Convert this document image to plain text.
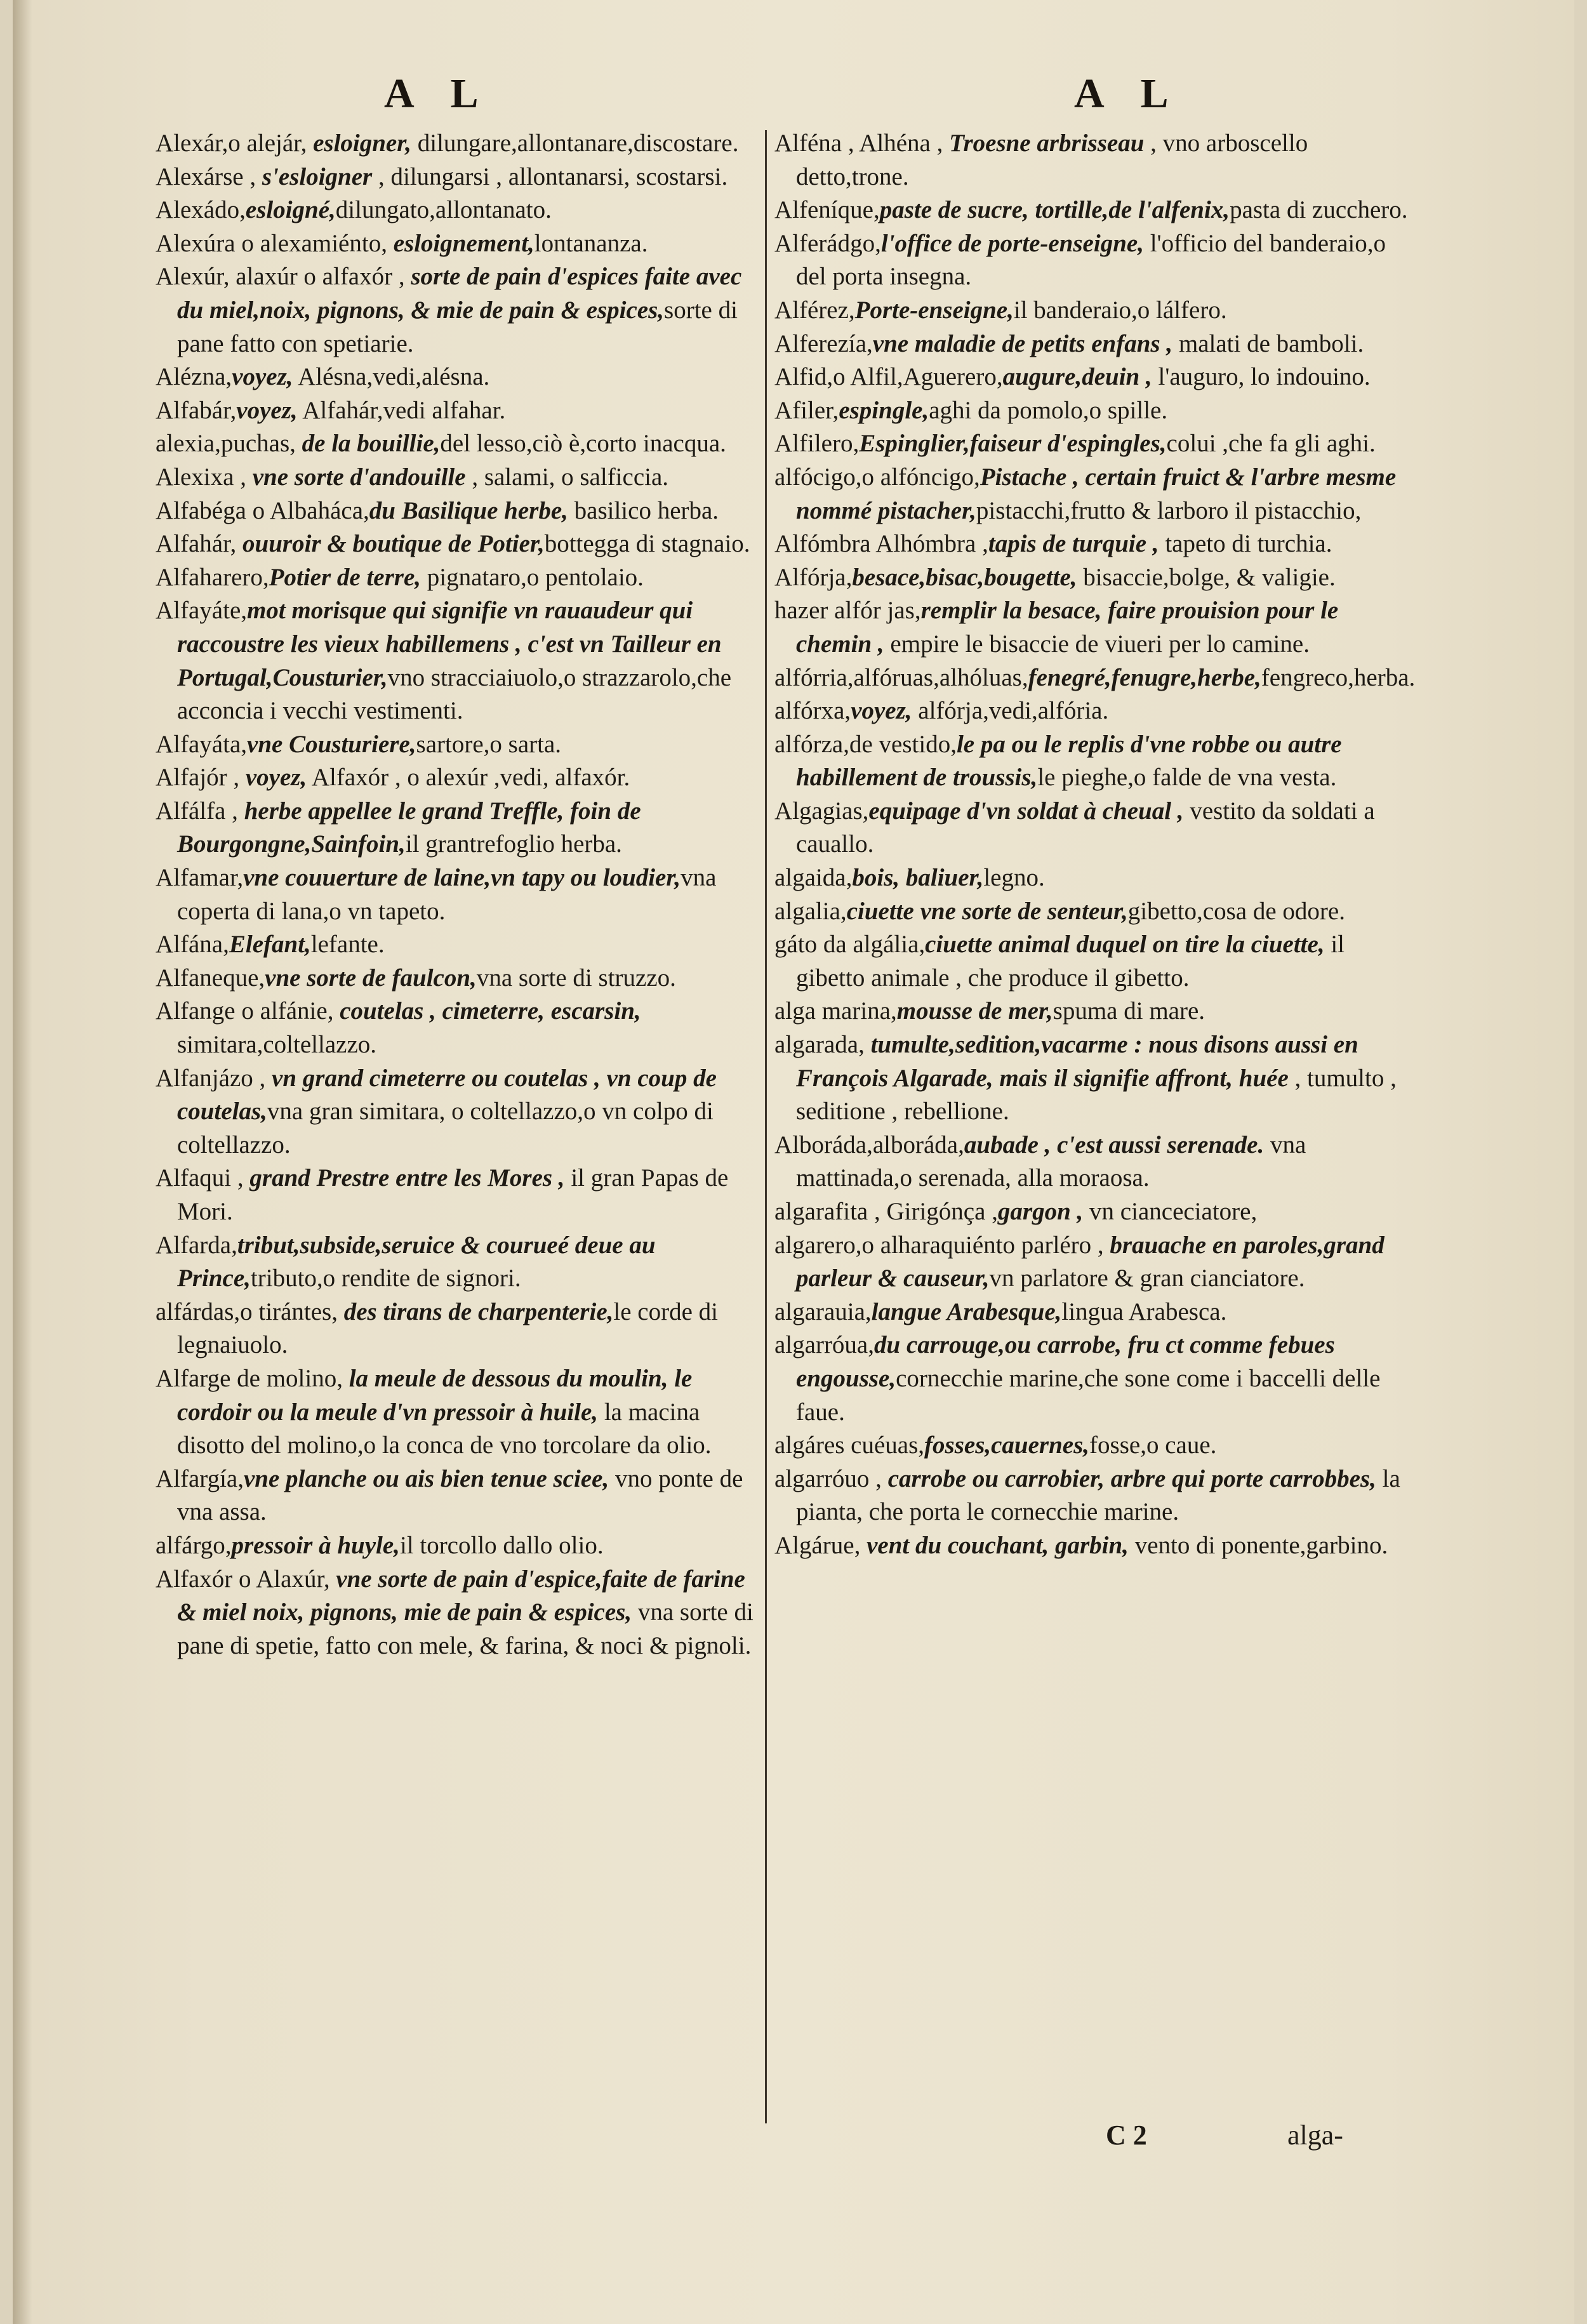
A L	A L

Alexár,o alejár, esloigner, dilungare,allontanare,discostare.

Alexárse , s'esloigner , dilungarsi , allontanarsi, scostarsi.

Alexádo,esloigné,dilungato,allontanato.

Alexúra o alexamiénto, esloignement,lontananza.

Alexúr, alaxúr o alfaxór , sorte de pain d'espices faite avec du miel,noix, pignons, & mie de pain & espices,sorte di pane fatto con spetiarie.

Alézna,voyez, Alésna,vedi,alésna.

Alfabár,voyez, Alfahár,vedi alfahar.

alexia,puchas, de la bouillie,del lesso,ciò è,corto inacqua.

Alexixa , vne sorte d'andouille , salami, o salficcia.

Alfabéga o Albaháca,du Basilique herbe, basilico herba.

Alfahár, ouuroir & boutique de Potier,bottegga di stagnaio.

Alfaharero,Potier de terre, pignataro,o pentolaio.

Alfayáte,mot morisque qui signifie vn rauaudeur qui raccoustre les vieux habillemens , c'est vn Tailleur en Portugal,Cousturier,vno stracciaiuolo,o strazzarolo,che acconcia i vecchi vestimenti.

Alfayáta,vne Cousturiere,sartore,o sarta.

Alfajór , voyez, Alfaxór , o alexúr ,vedi, alfaxór.

Alfálfa , herbe appellee le grand Treffle, foin de Bourgongne,Sainfoin,il grantrefoglio herba.

Alfamar,vne couuerture de laine,vn tapy ou loudier,vna coperta di lana,o vn tapeto.

Alfána,Elefant,lefante.

Alfaneque,vne sorte de faulcon,vna sorte di struzzo.

Alfange o alfánie, coutelas , cimeterre, escarsin, simitara,coltellazzo.

Alfanjázo , vn grand cimeterre ou coutelas , vn coup de coutelas,vna gran simitara, o coltellazzo,o vn colpo di coltellazzo.

Alfaqui , grand Prestre entre les Mores , il gran Papas de Mori.

Alfarda,tribut,subside,seruice & courueé deue au Prince,tributo,o rendite de signori.

alfárdas,o tirántes, des tirans de charpenterie,le corde di legnaiuolo.

Alfarge de molino, la meule de dessous du moulin, le cordoir ou la meule d'vn pressoir à huile, la macina disotto del molino,o la conca de vno torcolare da olio.

Alfargía,vne planche ou ais bien tenue sciee, vno ponte de vna assa.

alfárgo,pressoir à huyle,il torcollo dallo olio.

Alfaxór o Alaxúr, vne sorte de pain d'espice,faite de farine & miel noix, pignons, mie de pain & espices, vna sorte di pane di spetie, fatto con mele, & farina, & noci & pignoli.

Alféna , Alhéna , Troesne arbrisseau , vno arboscello detto,trone.

Alfeníque,paste de sucre, tortille,de l'alfenix,pasta di zucchero.

Alferádgo,l'office de porte-enseigne, l'officio del banderaio,o del porta insegna.

Alférez,Porte-enseigne,il banderaio,o lálfero.

Alferezía,vne maladie de petits enfans , malati de bamboli.

Alfid,o Alfil,Aguerero,augure,deuin , l'auguro, lo indouino.

Afiler,espingle,aghi da pomolo,o spille.

Alfilero,Espinglier,faiseur d'espingles,colui ,che fa gli aghi.

alfócigo,o alfóncigo,Pistache , certain fruict & l'arbre mesme nommé pistacher,pistacchi,frutto & larboro il pistacchio,

Alfómbra Alhómbra ,tapis de turquie , tapeto di turchia.

Alfórja,besace,bisac,bougette, bisaccie,bolge, & valigie.

hazer alfór jas,remplir la besace, faire prouision pour le chemin , empire le bisaccie de viueri per lo camine.

alfórria,alfóruas,alhóluas,fenegré,fenugre,herbe,fengreco,herba.

alfórxa,voyez, alfórja,vedi,alfória.

alfórza,de vestido,le pa ou le replis d'vne robbe ou autre habillement de troussis,le pieghe,o falde de vna vesta.

Algagias,equipage d'vn soldat à cheual , vestito da soldati a cauallo.

algaida,bois, baliuer,legno.

algalia,ciuette vne sorte de senteur,gibetto,cosa de odore.

gáto da algália,ciuette animal duquel on tire la ciuette, il gibetto animale , che produce il gibetto.

alga marina,mousse de mer,spuma di mare.

algarada, tumulte,sedition,vacarme : nous disons aussi en François Algarade, mais il signifie affront, huée , tumulto , seditione , rebellione.

Alboráda,alboráda,aubade , c'est aussi serenade. vna mattinada,o serenada, alla moraosa.

algarafita , Girigónça ,gargon , vn cianceciatore,

algarero,o alharaquiénto parléro , brauache en paroles,grand parleur & causeur,vn parlatore & gran cianciatore.

algarauia,langue Arabesque,lingua Arabesca.

algarróua,du carrouge,ou carrobe, fru ct comme febues engousse,cornecchie marine,che sone come i baccelli delle faue.

algáres cuéuas,fosses,cauernes,fosse,o caue.

algarróuo , carrobe ou carrobier, arbre qui porte carrobbes, la pianta, che porta le cornecchie marine.

Algárue, vent du couchant, garbin, vento di ponente,garbino.

C 2	alga-
